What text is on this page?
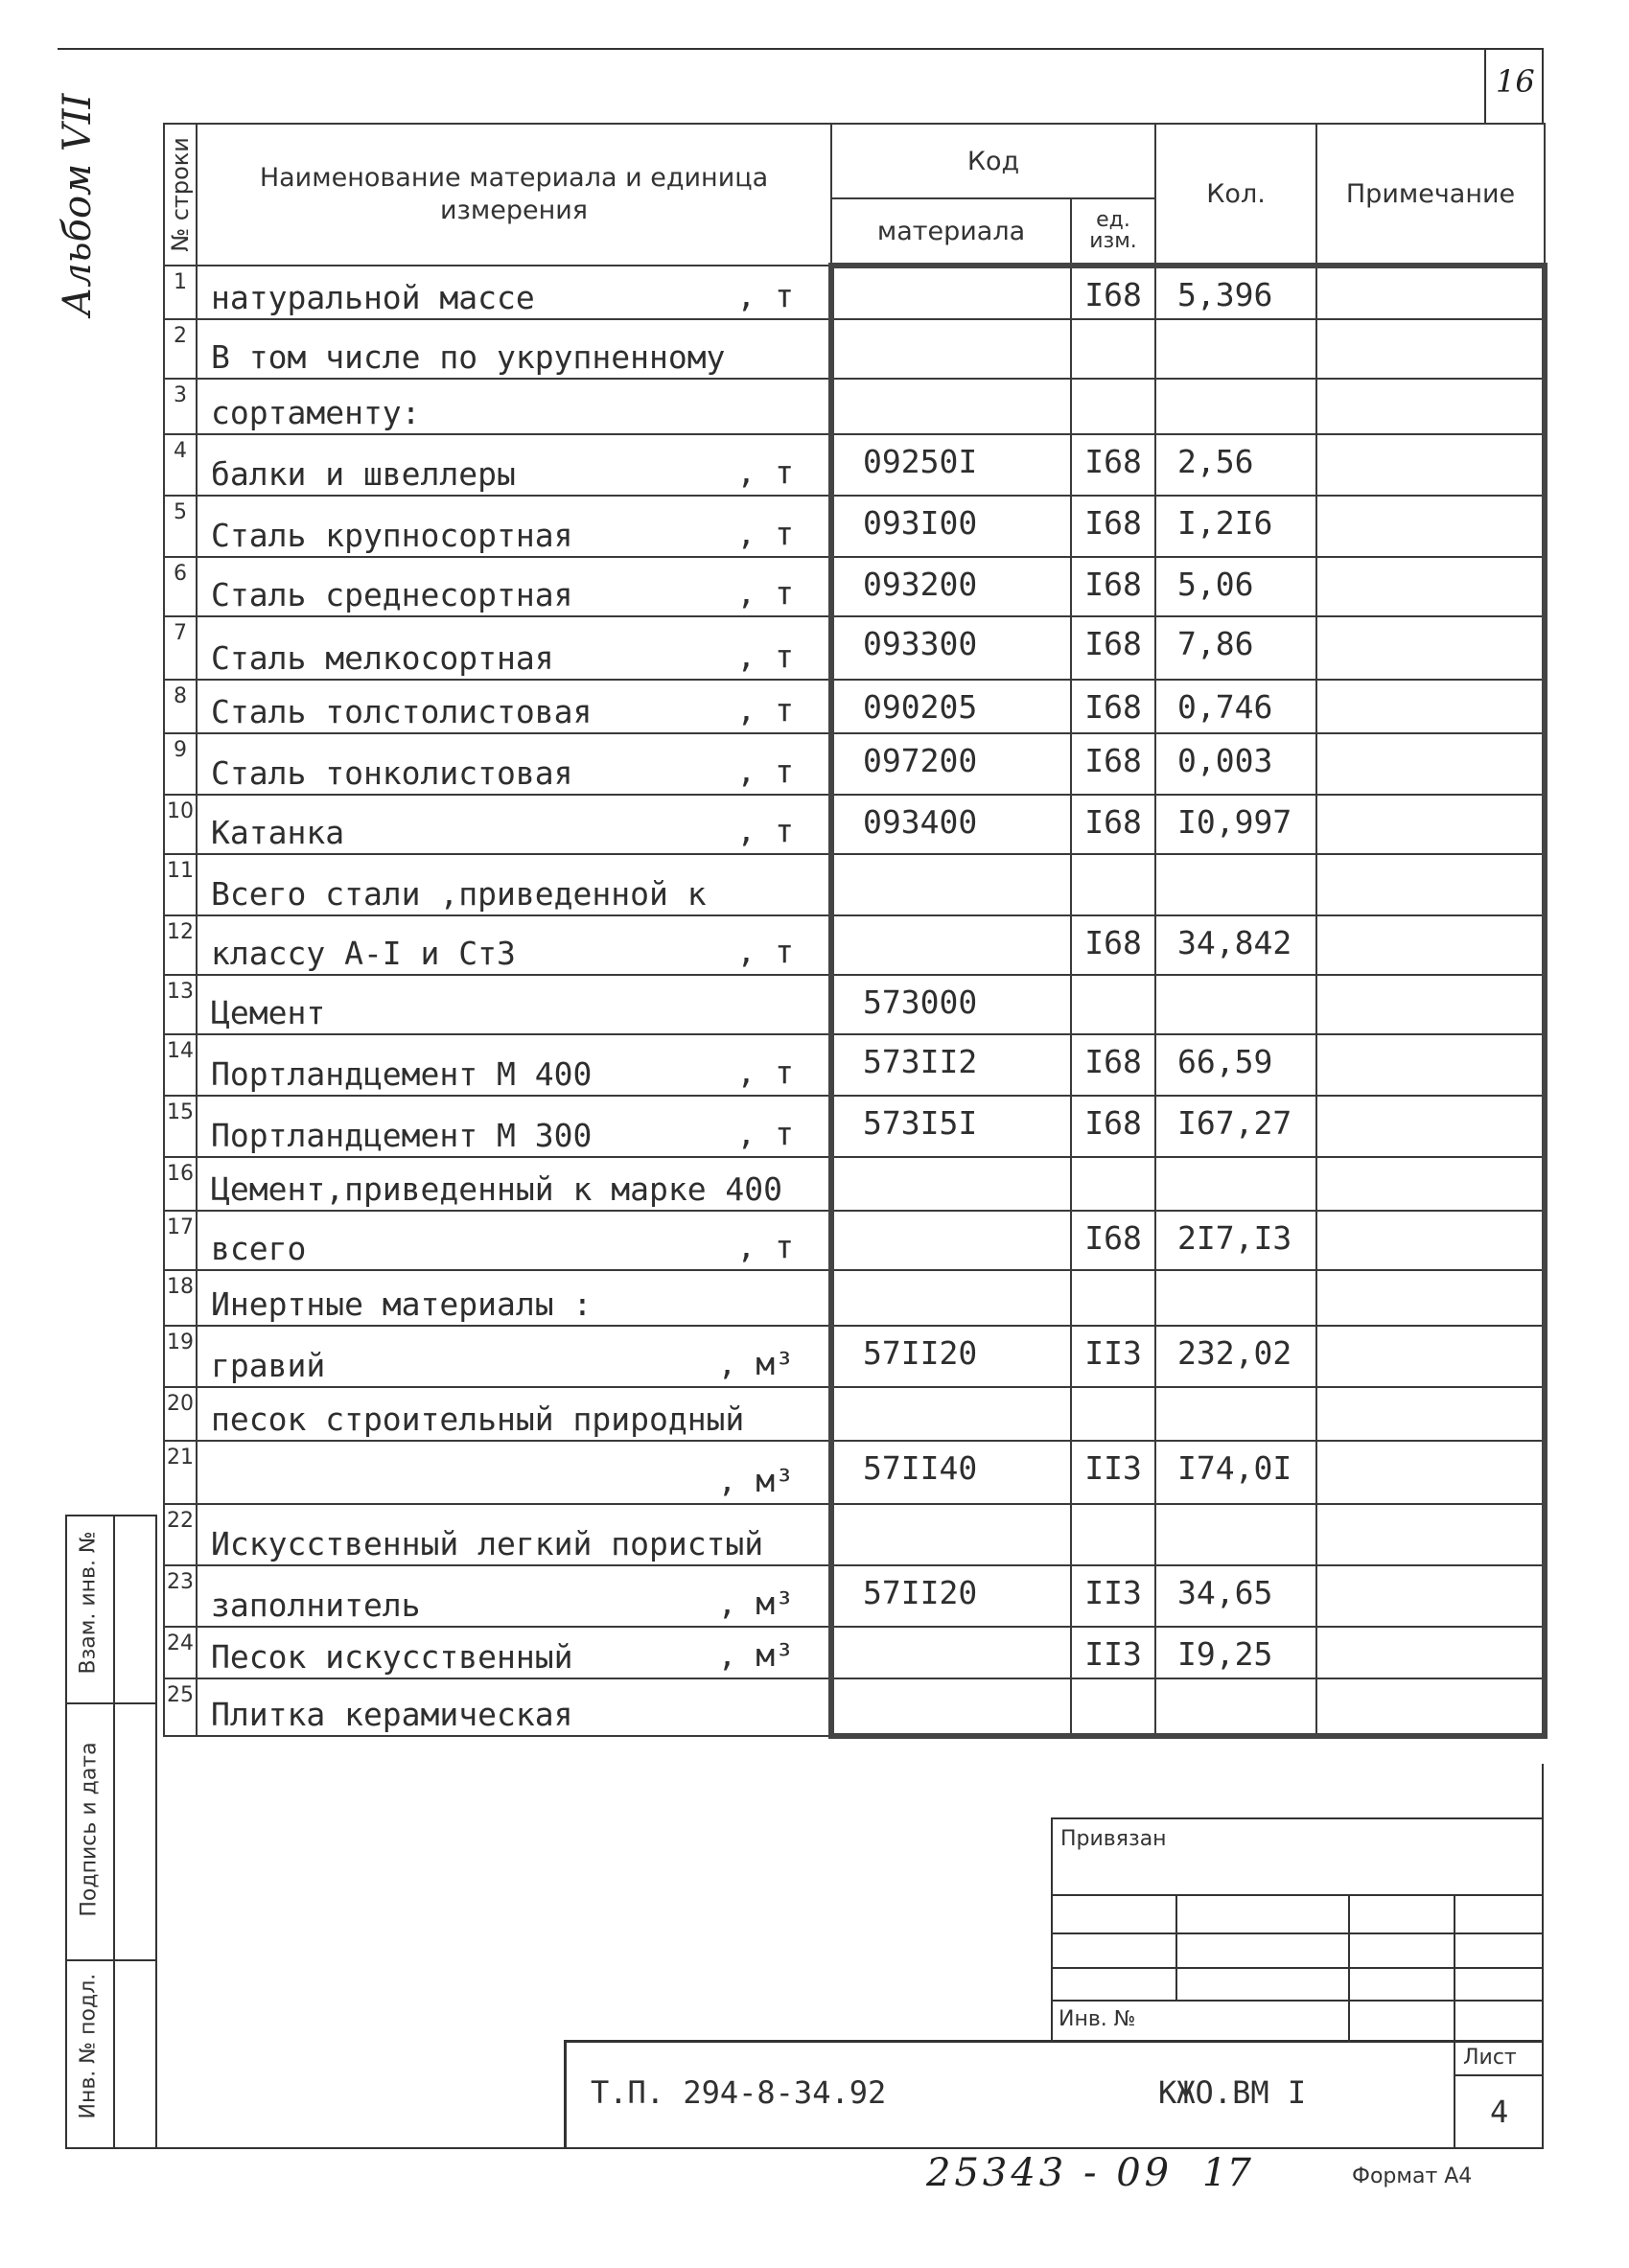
16
Альбом VII	№ строки	Наименование материала и единица измерения	Код		Кол.	Примечание
		материала	ед. изм.		
1	натуральной массе , т		I68	5,396	
2	В том числе по укрупненному

3	сортаменту:

4	балки и швеллеры , т	09250I	I68	2,56	
5	Сталь крупносортная , т	093I00	I68	I,2I6	
6	Сталь среднесортная , т	093200	I68	5,06	
7	Сталь мелкосортная , т	093300	I68	7,86	
8	Сталь толстолистовая , т	090205	I68	0,746	
9	Сталь тонколистовая , т	097200	I68	0,003	
10	Катанка , т	093400	I68	I0,997	
11	Всего стали ,приведенной к

12	классу А-I и Ст3 , т		I68	34,842	
13	Цемент	573000			
14	Портландцемент М 400 , т	573II2	I68	66,59	
15	Портландцемент М 300 , т	573I5I	I68	I67,27	
16	Цемент,приведенный к марке 400

17	всего , т		I68	2I7,I3	
18	Инертные материалы :

19	гравий , м³	57II20	II3	232,02	
20	песок строительный природный

21	, м³	57II40	II3	I74,0I	
22	Искусственный легкий пористый

23	заполнитель , м³	57II20	II3	34,65	
24	Песок искусственный , м³		II3	I9,25	
25	Плитка керамическая

Взам. инв. №
Подпись и дата
Инв. № подл.
Привязан
Инв. №
Т.П. 294-8-34.92	КЖО.ВМ I
Лист
4
25343 - 09 17	Формат А4
